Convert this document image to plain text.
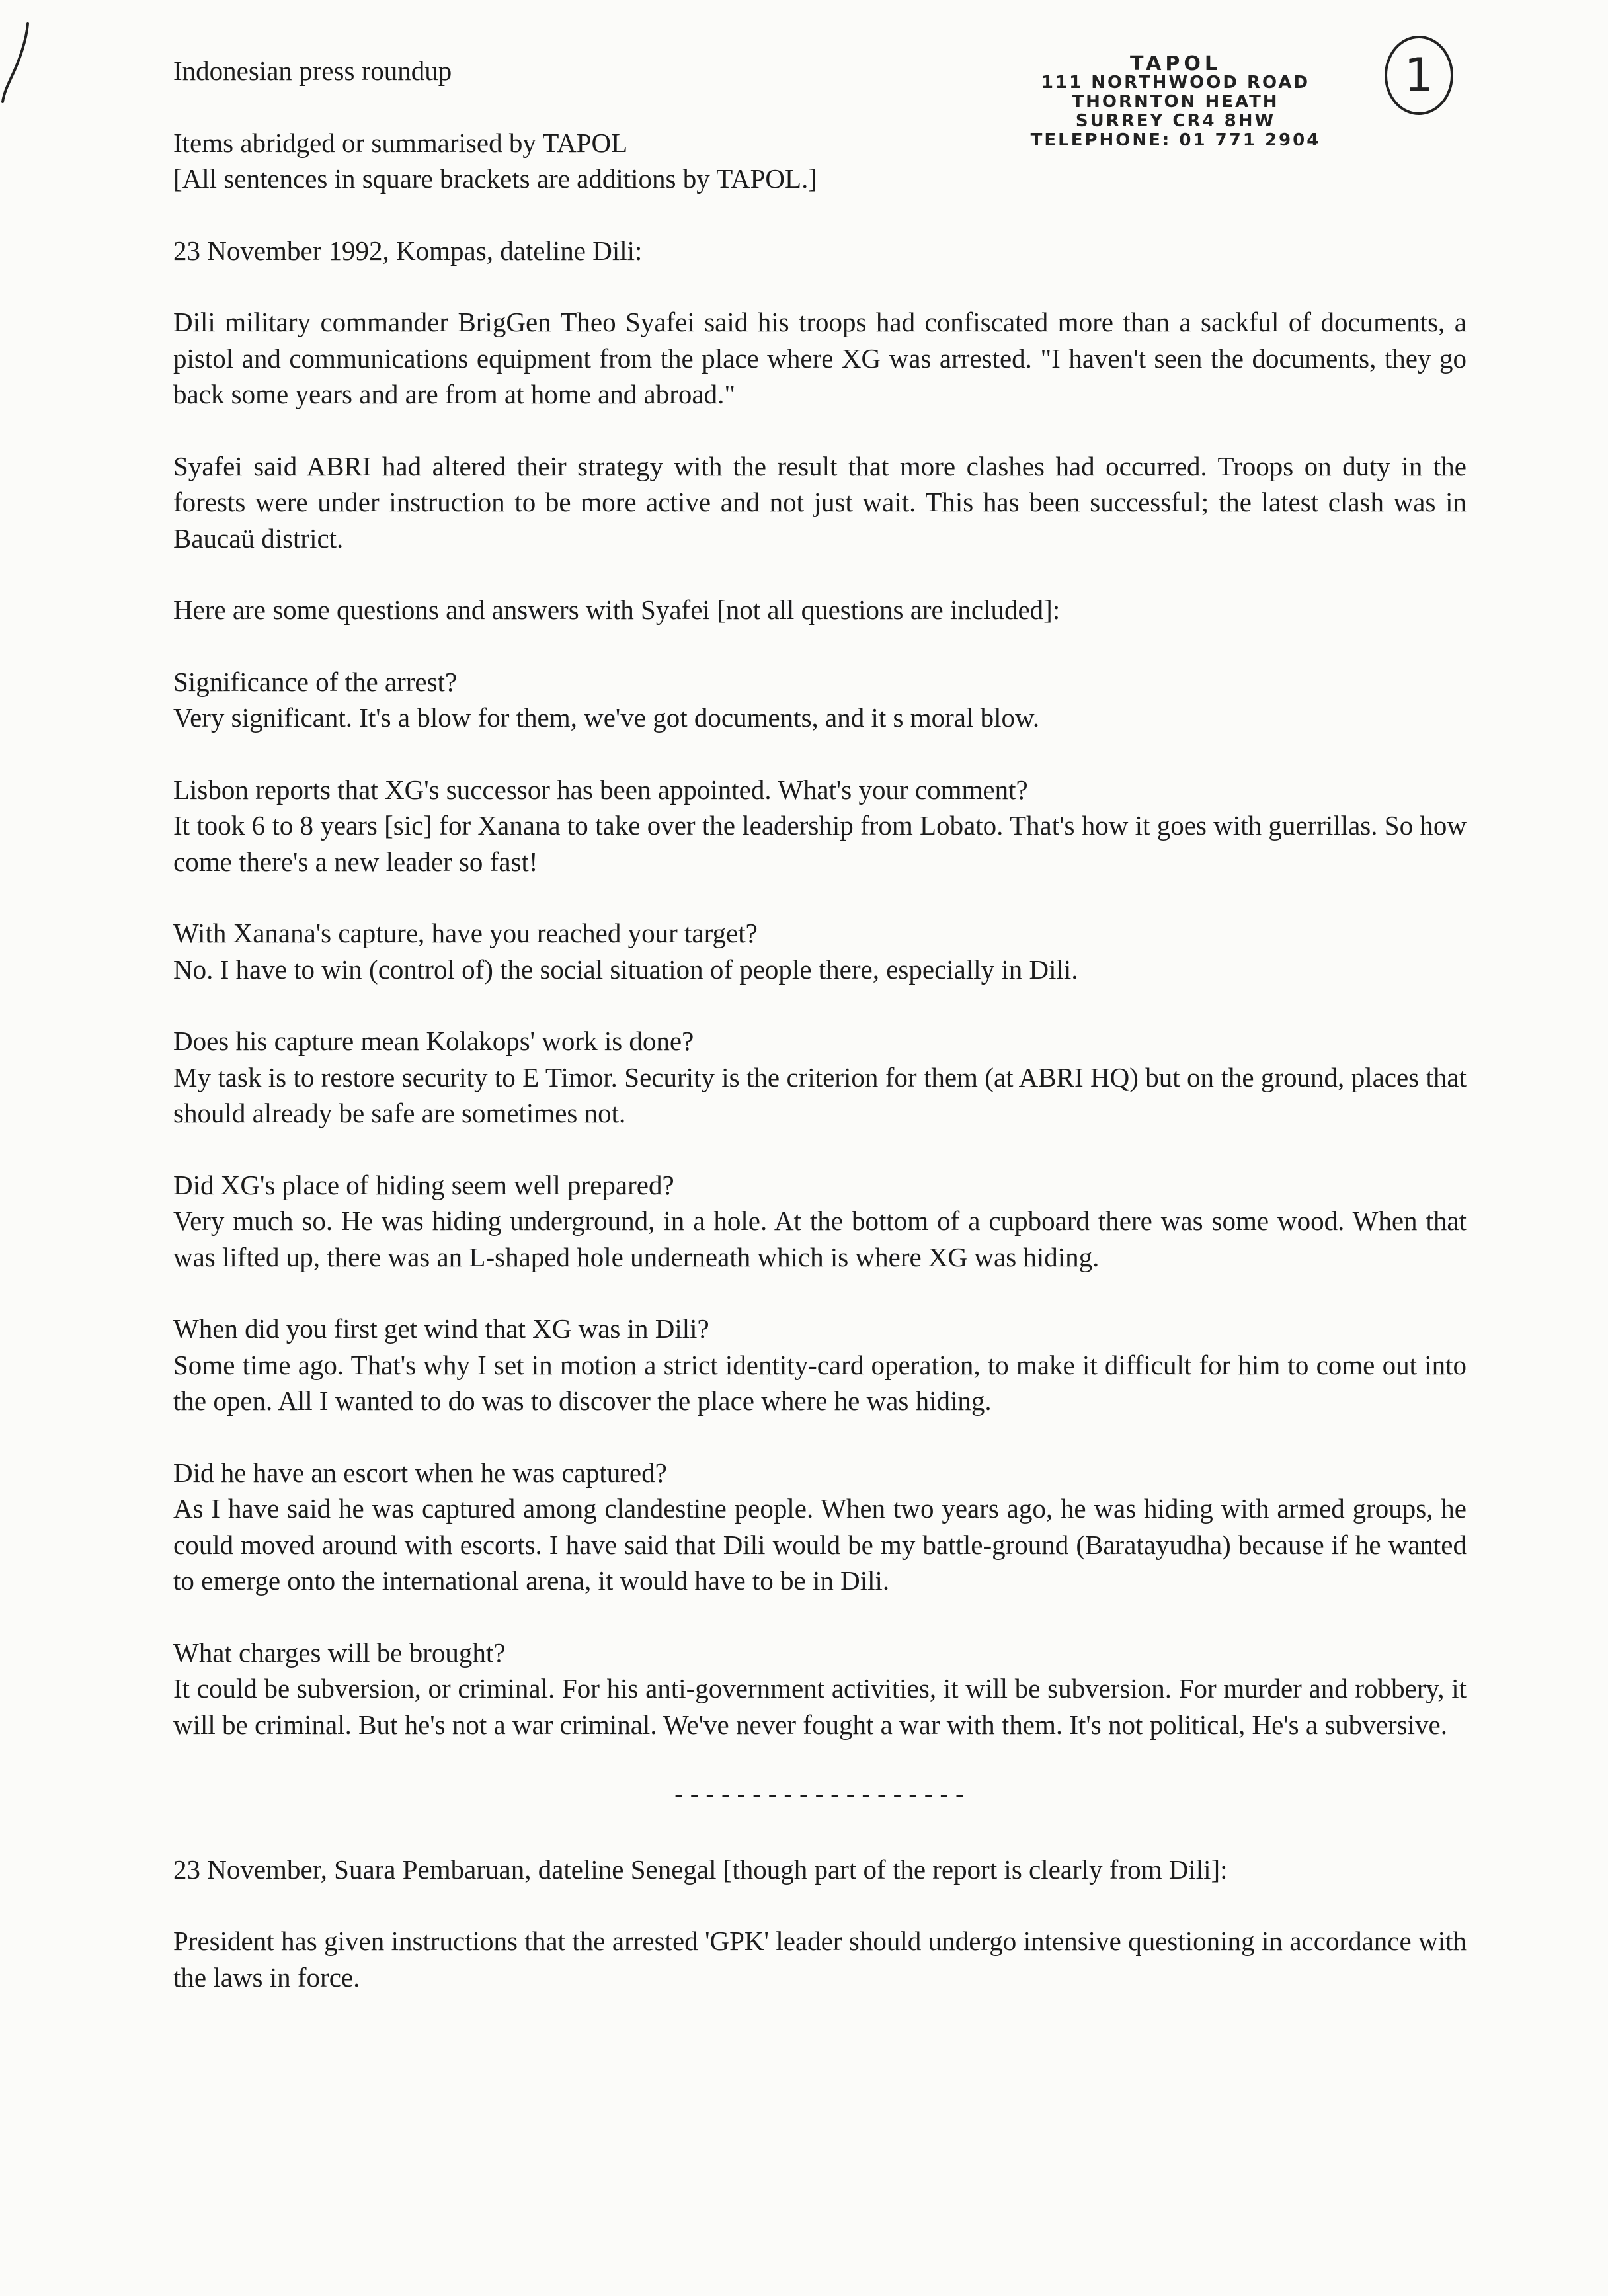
TAPOL
111 NORTHWOOD ROAD
THORNTON HEATH
SURREY CR4 8HW
TELEPHONE: 01 771 2904
1

Indonesian press roundup

Items abridged or summarised by TAPOL

[All sentences in square brackets are additions by TAPOL.]

23 November 1992, Kompas, dateline Dili:

Dili military commander BrigGen Theo Syafei said his troops had confiscated more than a sackful of documents, a pistol and communications equipment from the place where XG was arrested. "I haven't seen the documents, they go back some years and are from at home and abroad."

Syafei said ABRI had altered their strategy with the result that more clashes had occurred. Troops on duty in the forests were under instruction to be more active and not just wait. This has been successful; the latest clash was in Baucaü district.

Here are some questions and answers with Syafei [not all questions are included]:

Significance of the arrest?
Very significant. It's a blow for them, we've got documents, and it s moral blow.

Lisbon reports that XG's successor has been appointed. What's your comment?
It took 6 to 8 years [sic] for Xanana to take over the leadership from Lobato. That's how it goes with guerrillas. So how come there's a new leader so fast!

With Xanana's capture, have you reached your target?
No. I have to win (control of) the social situation of people there, especially in Dili.

Does his capture mean Kolakops' work is done?
My task is to restore security to E Timor. Security is the criterion for them (at ABRI HQ) but on the ground, places that should already be safe are sometimes not.

Did XG's place of hiding seem well prepared?
Very much so. He was hiding underground, in a hole. At the bottom of a cupboard there was some wood. When that was lifted up, there was an L-shaped hole underneath which is where XG was hiding.

When did you first get wind that XG was in Dili?
Some time ago. That's why I set in motion a strict identity-card operation, to make it difficult for him to come out into the open. All I wanted to do was to discover the place where he was hiding.

Did he have an escort when he was captured?
As I have said he was captured among clandestine people. When two years ago, he was hiding with armed groups, he could moved around with escorts. I have said that Dili would be my battle-ground (Baratayudha) because if he wanted to emerge onto the international arena, it would have to be in Dili.

What charges will be brought?
It could be subversion, or criminal. For his anti-government activities, it will be subversion. For murder and robbery, it will be criminal. But he's not a war criminal. We've never fought a war with them. It's not political, He's a subversive.

-------------------

23 November, Suara Pembaruan, dateline Senegal [though part of the report is clearly from Dili]:

President has given instructions that the arrested 'GPK' leader should undergo intensive questioning in accordance with the laws in force.
